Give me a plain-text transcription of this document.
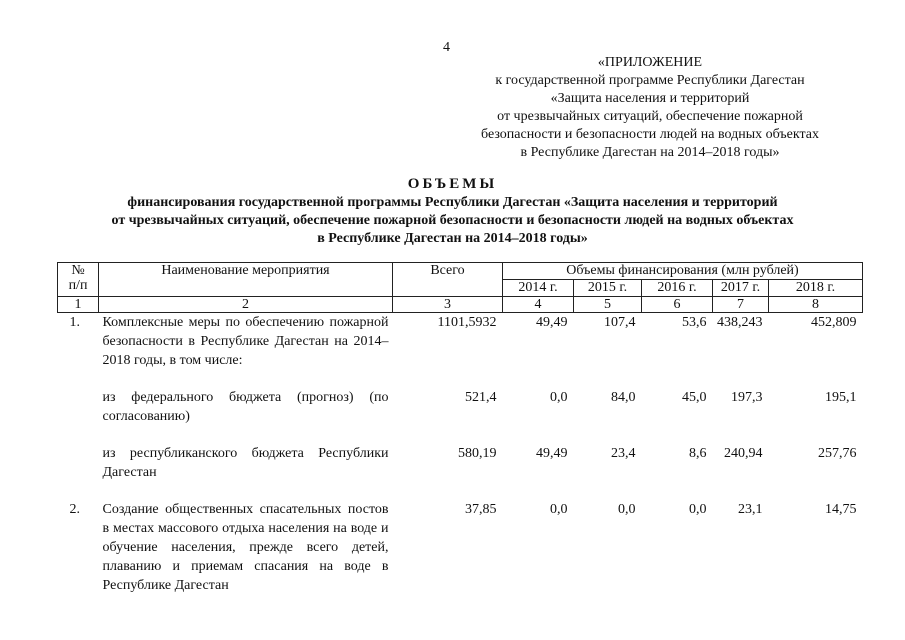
4
«ПРИЛОЖЕНИЕ
к государственной программе Республики Дагестан
«Защита населения и территорий
от чрезвычайных ситуаций, обеспечение пожарной
безопасности и безопасности людей на водных объектах
в Республике Дагестан на 2014–2018 годы»
ОБЪЕМЫ
финансирования государственной программы Республики Дагестан «Защита населения и территорий
от чрезвычайных ситуаций, обеспечение пожарной безопасности и безопасности людей на водных объектах
в Республике Дагестан на 2014–2018 годы»
№
п/п	Наименование мероприятия	Всего	Объемы финансирования (млн рублей)				
			2014 г.	2015 г.	2016 г.	2017 г.	2018 г.
1	2	3	4	5	6	7	8
1.	Комплексные меры по обеспечению пожарной безопасности в Республике Дагестан на 2014–2018 годы, в том числе:	1101,5932	49,49	107,4	53,6	438,243	452,809

	из федерального бюджета (прогноз) (по согласованию)	521,4	0,0	84,0	45,0	197,3	195,1

	из республиканского бюджета Республики Дагестан	580,19	49,49	23,4	8,6	240,94	257,76

2.	Создание общественных спасательных постов в местах массового отдыха населения на воде и обучение населения, прежде всего детей, плаванию и приемам спасания на воде в Республике Дагестан	37,85	0,0	0,0	0,0	23,1	14,75
